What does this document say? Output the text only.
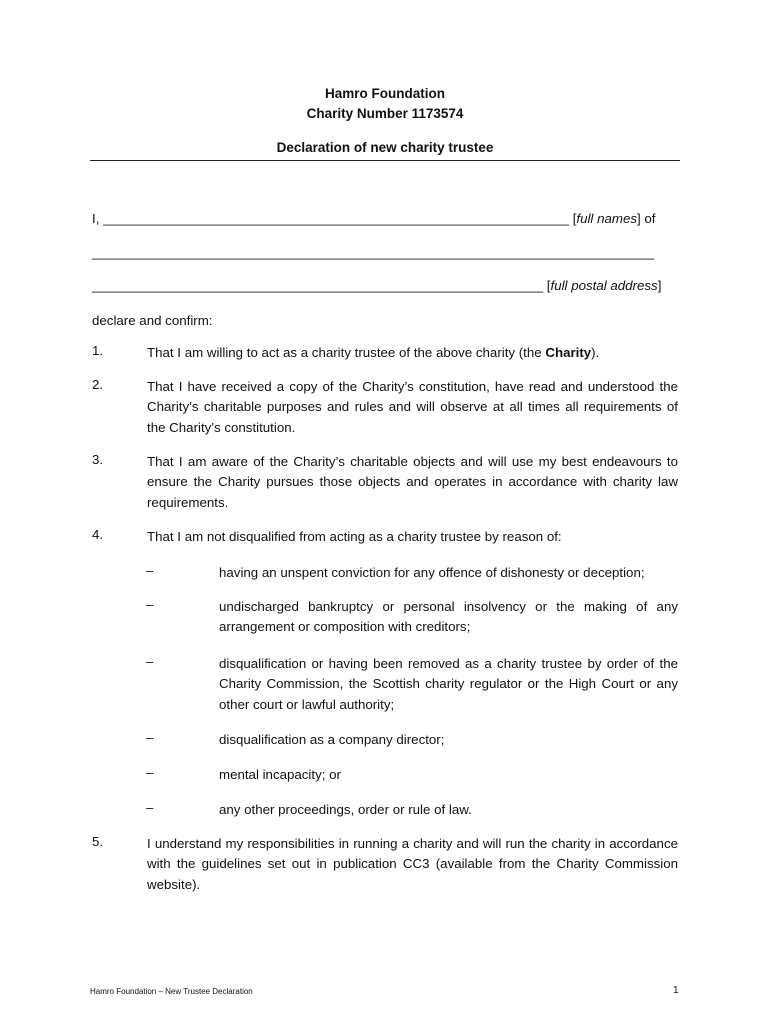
Hamro Foundation
Charity Number 1173574
Declaration of new charity trustee
I, _______________________________________________________________ [full names] of
____________________________________________________________________________
_____________________________________________________________ [full postal address]
declare and confirm:
1.	That I am willing to act as a charity trustee of the above charity (the Charity).
2.	That I have received a copy of the Charity’s constitution, have read and understood the Charity’s charitable purposes and rules and will observe at all times all requirements of the Charity’s constitution.
3.	That I am aware of the Charity’s charitable objects and will use my best endeavours to ensure the Charity pursues those objects and operates in accordance with charity law requirements.
4.	That I am not disqualified from acting as a charity trustee by reason of:
–	having an unspent conviction for any offence of dishonesty or deception;
–	undischarged bankruptcy or personal insolvency or the making of any arrangement or composition with creditors;
–	disqualification or having been removed as a charity trustee by order of the Charity Commission, the Scottish charity regulator or the High Court or any other court or lawful authority;
–	disqualification as a company director;
–	mental incapacity; or
–	any other proceedings, order or rule of law.
5.	I understand my responsibilities in running a charity and will run the charity in accordance with the guidelines set out in publication CC3 (available from the Charity Commission website).
Hamro Foundation – New Trustee Declaration	1
